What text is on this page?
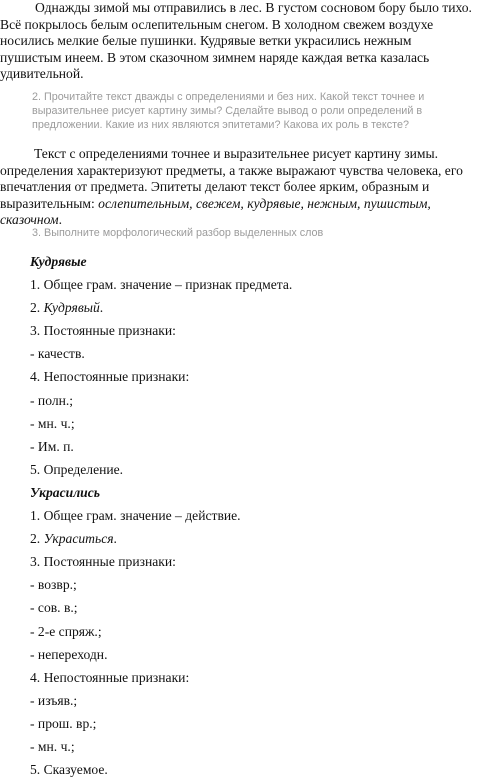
Однажды зимой мы отправились в лес. В густом сосновом бору было тихо. Всё покрылось белым ослепительным снегом. В холодном свежем воздухе носились мелкие белые пушинки. Кудрявые ветки украсились нежным пушистым инеем. В этом сказочном зимнем наряде каждая ветка казалась удивительной.

2. Прочитайте текст дважды с определениями и без них. Какой текст точнее и выразительнее рисует картину зимы? Сделайте вывод о роли определений в предложении. Какие из них являются эпитетами? Какова их роль в тексте?

Текст с определениями точнее и выразительнее рисует картину зимы. определения характеризуют предметы, а также выражают чувства человека, его впечатления от предмета. Эпитеты делают текст более ярким, образным и выразительным: ослепительным, свежем, кудрявые, нежным, пушистым, сказочном.

3. Выполните морфологический разбор выделенных слов

Кудрявые
1. Общее грам. значение – признак предмета.
2. Кудрявый.
3. Постоянные признаки:
- качеств.
4. Непостоянные признаки:
- полн.;
- мн. ч.;
- Им. п.
5. Определение.
Украсились
1. Общее грам. значение – действие.
2. Украситься.
3. Постоянные признаки:
- возвр.;
- сов. в.;
- 2-е спряж.;
- непереходн.
4. Непостоянные признаки:
- изъяв.;
- прош. вр.;
- мн. ч.;
5. Сказуемое.
